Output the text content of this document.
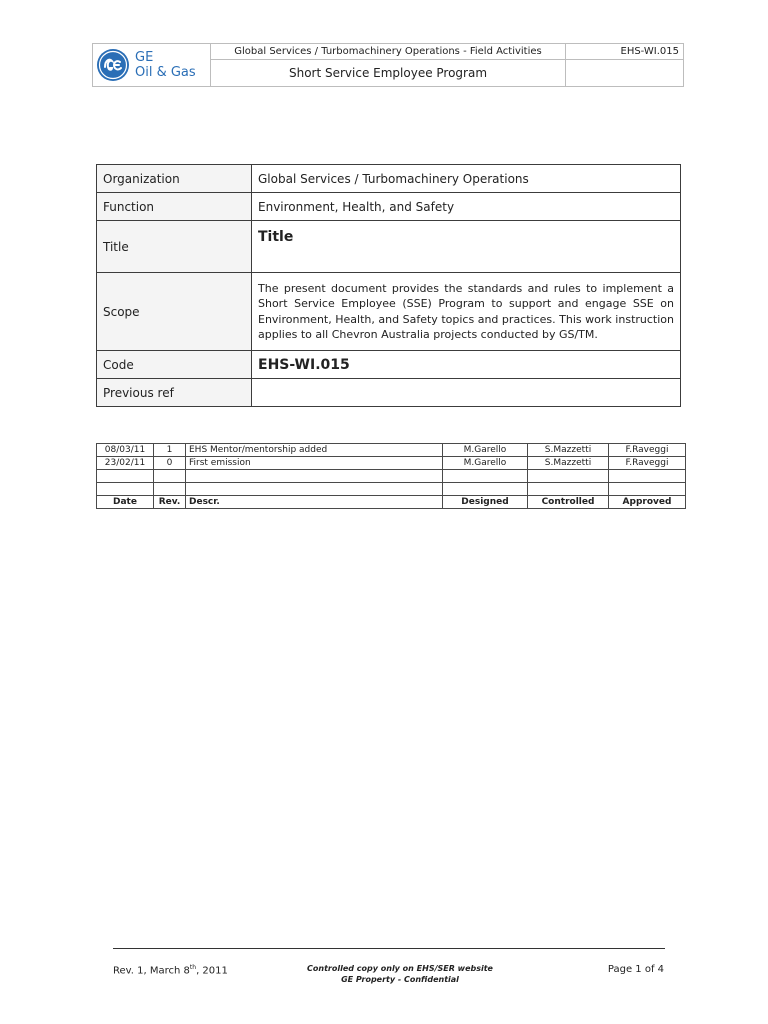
GE
Oil & Gas	Global Services / Turbomachinery Operations - Field Activities	EHS-WI.015
	Short Service Employee Program	
Organization	Global Services / Turbomachinery Operations
Function	Environment, Health, and Safety
Title	Title
Scope	The present document provides the standards and rules to implement a Short Service Employee (SSE) Program to support and engage SSE on Environment, Health, and Safety topics and practices. This work instruction applies to all Chevron Australia projects conducted by GS/TM.
Code	EHS-WI.015
Previous ref	
08/03/11	1	EHS Mentor/mentorship added	M.Garello	S.Mazzetti	F.Raveggi
23/02/11	0	First emission	M.Garello	S.Mazzetti	F.Raveggi

Date	Rev.	Descr.	Designed	Controlled	Approved
Rev. 1, March 8th, 2011	Controlled copy only on EHS/SER website
GE Property - Confidential
Page 1 of 4
